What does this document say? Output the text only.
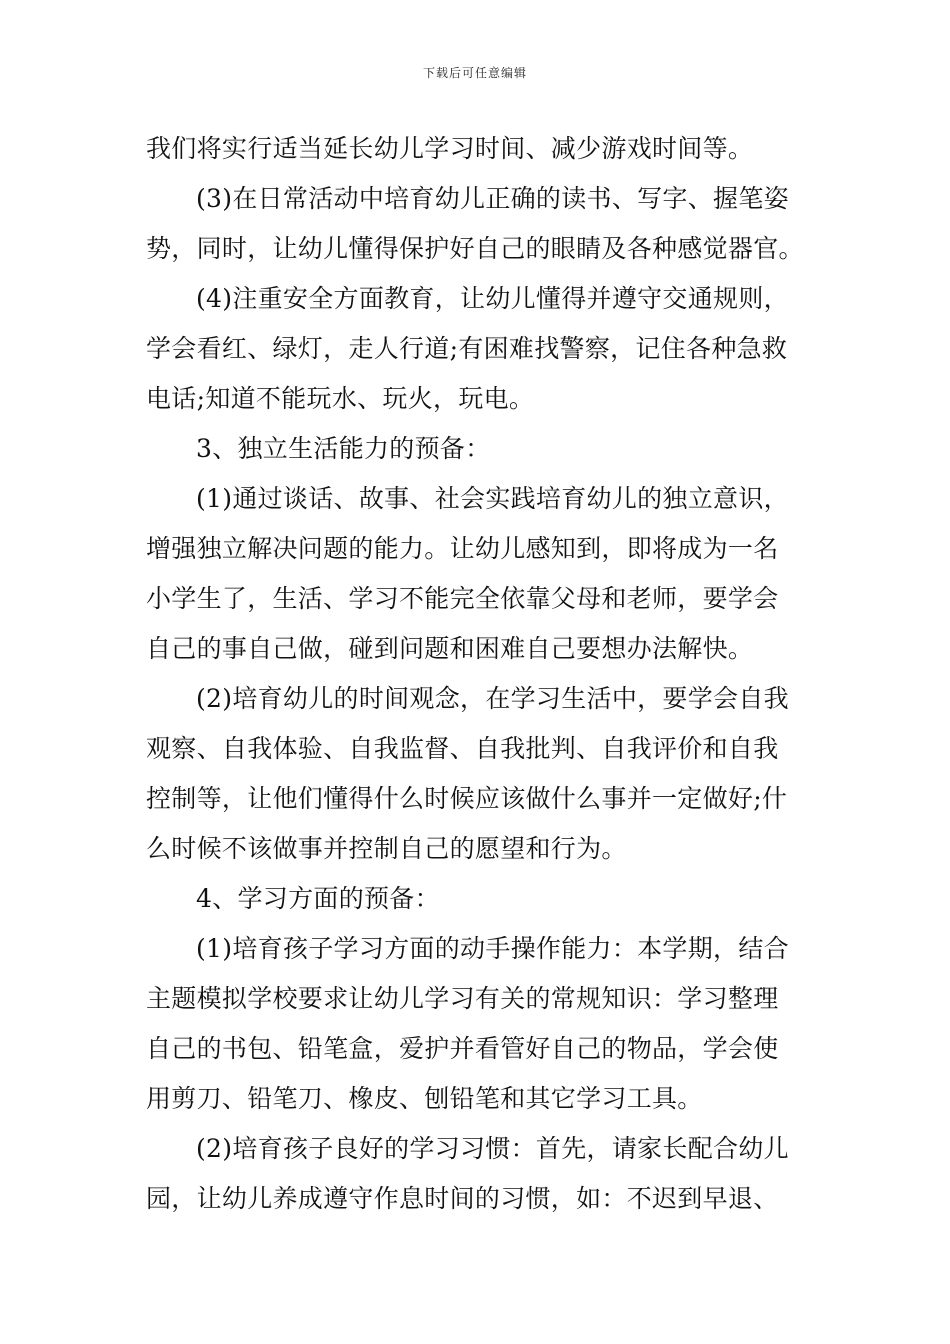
下载后可任意编辑
我们将实行适当延长幼儿学习时间、减少游戏时间等。
(3)在日常活动中培育幼儿正确的读书、写字、握笔姿
势，同时，让幼儿懂得保护好自己的眼睛及各种感觉器官。
(4)注重安全方面教育，让幼儿懂得并遵守交通规则，
学会看红、绿灯，走人行道;有困难找警察，记住各种急救
电话;知道不能玩水、玩火，玩电。
3、独立生活能力的预备：
(1)通过谈话、故事、社会实践培育幼儿的独立意识，
增强独立解决问题的能力。让幼儿感知到，即将成为一名
小学生了，生活、学习不能完全依靠父母和老师，要学会
自己的事自己做，碰到问题和困难自己要想办法解快。
(2)培育幼儿的时间观念，在学习生活中，要学会自我
观察、自我体验、自我监督、自我批判、自我评价和自我
控制等，让他们懂得什么时候应该做什么事并一定做好;什
么时候不该做事并控制自己的愿望和行为。
4、学习方面的预备：
(1)培育孩子学习方面的动手操作能力：本学期，结合
主题模拟学校要求让幼儿学习有关的常规知识：学习整理
自己的书包、铅笔盒，爱护并看管好自己的物品，学会使
用剪刀、铅笔刀、橡皮、刨铅笔和其它学习工具。
(2)培育孩子良好的学习习惯：首先，请家长配合幼儿
园，让幼儿养成遵守作息时间的习惯，如：不迟到早退、
